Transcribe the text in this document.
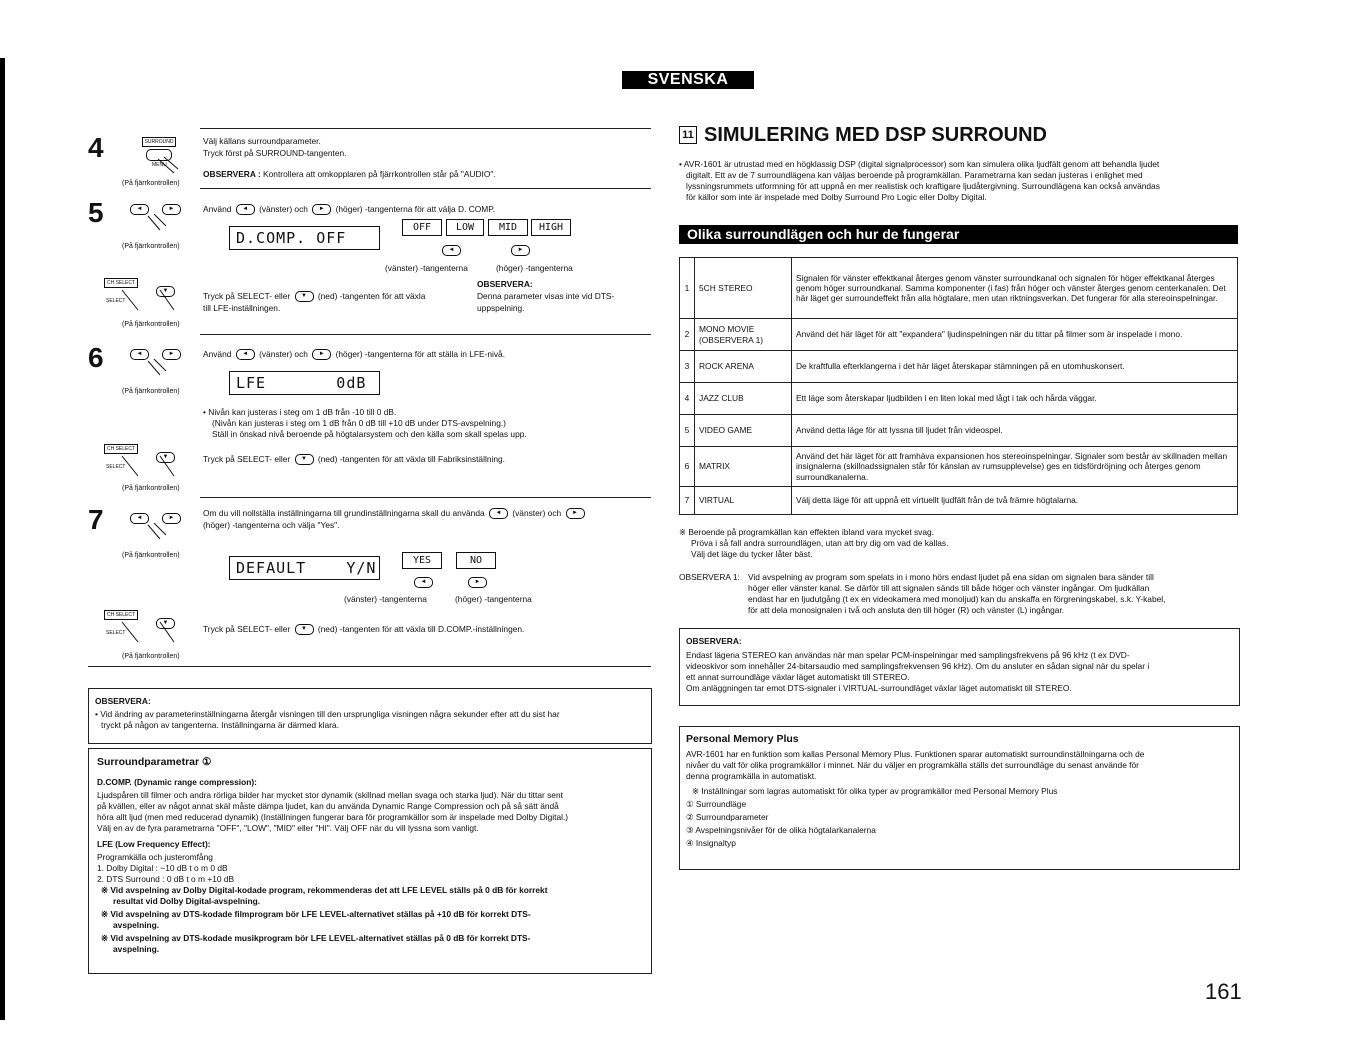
SVENSKA
4	SURROUND
MENU
(På fjärrkontrollen)
Välj källans surroundparameter.
Tryck först på SURROUND-tangenten.
OBSERVERA : Kontrollera att omkopplaren på fjärrkontrollen står på "AUDIO".
5	◄	►
(På fjärrkontrollen)
Använd ◄ (vänster) och ► (höger) -tangenterna för att välja D. COMP.
D.COMP. OFF
OFF	LOW	MID	HIGH
◄	►
(vänster) -tangenterna	(höger) -tangenterna
CH SELECT
SELECT
▼
(På fjärrkontrollen)
Tryck på SELECT- eller ▼ (ned) -tangenten för att växla
till LFE-inställningen.
OBSERVERA:
Denna parameter visas inte vid DTS-
uppspelning.
6	◄	►
(På fjärrkontrollen)
Använd ◄ (vänster) och ► (höger) -tangenterna för att ställa in LFE-nivå.
LFE       0dB
• Nivån kan justeras i steg om 1 dB från -10 till 0 dB.
(Nivån kan justeras i steg om 1 dB från 0 dB till +10 dB under DTS-avspelning.)
Ställ in önskad nivå beroende på högtalarsystem och den källa som skall spelas upp.
CH SELECT
SELECT
▼
(På fjärrkontrollen)
Tryck på SELECT- eller ▼ (ned) -tangenten för att växla till Fabriksinställning.
7	◄	►
(På fjärrkontrollen)
Om du vill nollställa inställningarna till grundinställningarna skall du använda ◄ (vänster) och ►
(höger) -tangenterna och välja "Yes".
DEFAULT    Y/N	YES	NO
◄	►
(vänster) -tangenterna	(höger) -tangenterna
CH SELECT
SELECT
▼
(På fjärrkontrollen)
Tryck på SELECT- eller ▼ (ned) -tangenten för att växla till D.COMP.-inställningen.
OBSERVERA:
• Vid ändring av parameterinställningarna återgår visningen till den ursprungliga visningen några sekunder efter att du sist har
tryckt på någon av tangenterna. Inställningarna är därmed klara.
Surroundparametrar ①
D.COMP. (Dynamic range compression):
Ljudspåren till filmer och andra rörliga bilder har mycket stor dynamik (skillnad mellan svaga och starka ljud). När du tittar sent
på kvällen, eller av något annat skäl måste dämpa ljudet, kan du använda Dynamic Range Compression och på så sätt ändå
höra allt ljud (men med reducerad dynamik) (Inställningen fungerar bara för programkällor som är inspelade med Dolby Digital.)
Välj en av de fyra parametrarna "OFF", "LOW", "MID" eller "HI". Välj OFF när du vill lyssna som vanligt.
LFE (Low Frequency Effect):
Programkälla och justeromfång
1. Dolby Digital : −10 dB t o m 0 dB
2. DTS Surround : 0 dB t o m +10 dB
※ Vid avspelning av Dolby Digital-kodade program, rekommenderas det att LFE LEVEL ställs på 0 dB för korrekt
resultat vid Dolby Digital-avspelning.
※ Vid avspelning av DTS-kodade filmprogram bör LFE LEVEL-alternativet ställas på +10 dB för korrekt DTS-
avspelning.
※ Vid avspelning av DTS-kodade musikprogram bör LFE LEVEL-alternativet ställas på 0 dB för korrekt DTS-
avspelning.
11 SIMULERING MED DSP SURROUND
• AVR-1601 är utrustad med en högklassig DSP (digital signalprocessor) som kan simulera olika ljudfält genom att behandla ljudet
digitalt. Ett av de 7 surroundlägena kan väljas beroende på programkällan. Parametrarna kan sedan justeras i enlighet med
lyssningsrummets utformning för att uppnå en mer realistisk och kraftigare ljudåtergivning. Surroundlägena kan också användas
för källor som inte är inspelade med Dolby Surround Pro Logic eller Dolby Digital.
Olika surroundlägen och hur de fungerar
1	5CH STEREO	Signalen för vänster effektkanal återges genom vänster surroundkanal och signalen för höger effektkanal återges genom höger surroundkanal. Samma komponenter (i fas) från höger och vänster återges genom centerkanalen. Det här läget ger surroundeffekt från alla högtalare, men utan riktningsverkan. Det fungerar för alla stereoinspelningar.
2	MONO MOVIE (OBSERVERA 1)	Använd det här läget för att "expandera" ljudinspelningen när du tittar på filmer som är inspelade i mono.
3	ROCK ARENA	De kraftfulla efterklangerna i det här läget återskapar stämningen på en utomhuskonsert.
4	JAZZ CLUB	Ett läge som återskapar ljudbilden i en liten lokal med lågt i tak och hårda väggar.
5	VIDEO GAME	Använd detta läge för att lyssna till ljudet från videospel.
6	MATRIX	Använd det här läget för att framhäva expansionen hos stereoinspelningar. Signaler som består av skillnaden mellan insignalerna (skillnadssignalen står för känslan av rumsupplevelse) ges en tidsfördröjning och återges genom surroundkanalerna.
7	VIRTUAL	Välj detta läge för att uppnå ett virtuellt ljudfält från de två främre högtalarna.
※ Beroende på programkällan kan effekten ibland vara mycket svag.
Pröva i så fall andra surroundlägen, utan att bry dig om vad de kallas.
Välj det läge du tycker låter bäst.
OBSERVERA 1: Vid avspelning av program som spelats in i mono hörs endast ljudet på ena sidan om signalen bara sänder till
höger eller vänster kanal. Se därför till att signalen sänds till både höger och vänster ingångar. Om ljudkällan
endast har en ljudutgång (t ex en videokamera med monoljud) kan du anskaffa en förgreningskabel, s.k. Y-kabel,
för att dela monosignalen i två och ansluta den till höger (R) och vänster (L) ingångar.
OBSERVERA:
Endast lägena STEREO kan användas när man spelar PCM-inspelningar med samplingsfrekvens på 96 kHz (t ex DVD-
videoskivor som innehåller 24-bitarsaudio med samplingsfrekvensen 96 kHz). Om du ansluter en sådan signal när du spelar i
ett annat surroundläge växlar läget automatiskt till STEREO.
Om anläggningen tar emot DTS-signaler i VIRTUAL-surroundläget växlar läget automatiskt till STEREO.
Personal Memory Plus
AVR-1601 har en funktion som kallas Personal Memory Plus. Funktionen sparar automatiskt surroundinställningarna och de
nivåer du valt för olika programkällor i minnet. När du väljer en programkälla ställs det surroundläge du senast använde för
denna programkälla in automatiskt.
※ Inställningar som lagras automatiskt för olika typer av programkällor med Personal Memory Plus
① Surroundläge
② Surroundparameter
③ Avspelningsnivåer för de olika högtalarkanalerna
④ Insignaltyp
161
